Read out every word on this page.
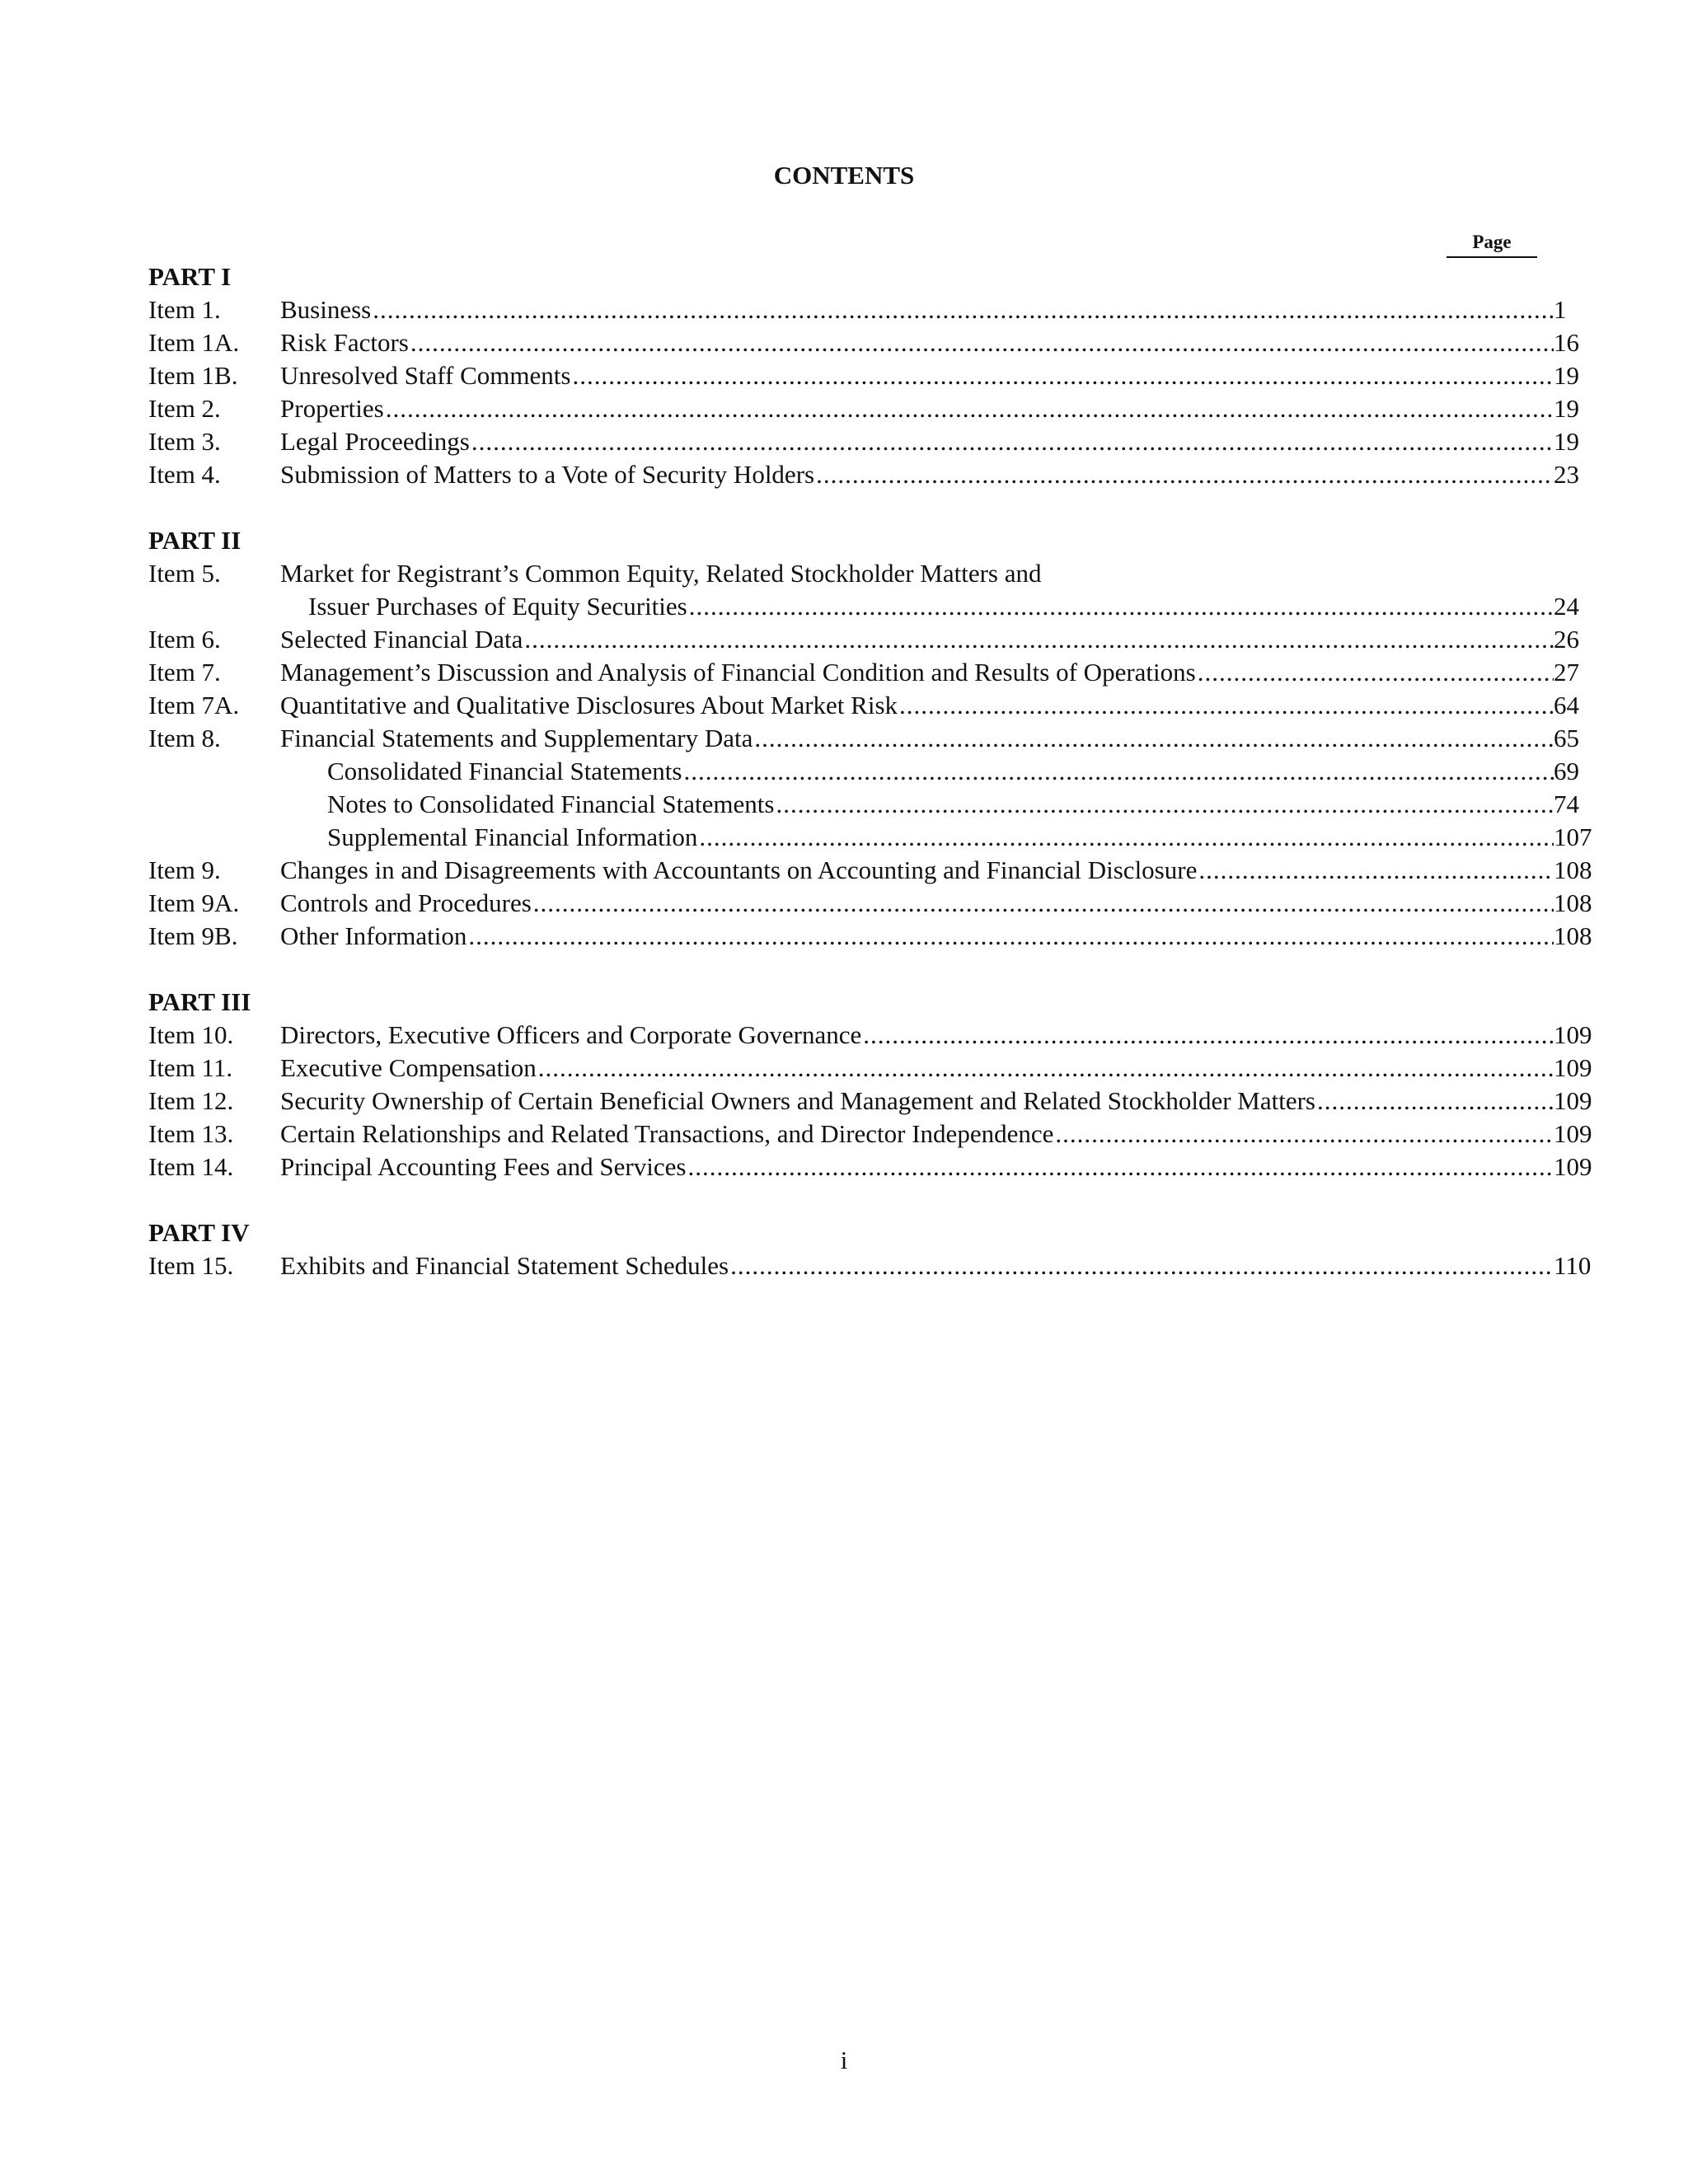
CONTENTS
Page
PART I
Item 1.	Business .....	1
Item 1A.	Risk Factors .....	16
Item 1B.	Unresolved Staff Comments .....	19
Item 2.	Properties .....	19
Item 3.	Legal Proceedings .....	19
Item 4.	Submission of Matters to a Vote of Security Holders .....	23
PART II
Item 5.	Market for Registrant’s Common Equity, Related Stockholder Matters and
Issuer Purchases of Equity Securities .....	24
Item 6.	Selected Financial Data .....	26
Item 7.	Management’s Discussion and Analysis of Financial Condition and Results of Operations .....	27
Item 7A.	Quantitative and Qualitative Disclosures About Market Risk .....	64
Item 8.	Financial Statements and Supplementary Data .....	65
Consolidated Financial Statements .....	69
Notes to Consolidated Financial Statements .....	74
Supplemental Financial Information .....	107
Item 9.	Changes in and Disagreements with Accountants on Accounting and Financial Disclosure .....	108
Item 9A.	Controls and Procedures .....	108
Item 9B.	Other Information .....	108
PART III
Item 10.	Directors, Executive Officers and Corporate Governance .....	109
Item 11.	Executive Compensation .....	109
Item 12.	Security Ownership of Certain Beneficial Owners and Management and Related Stockholder Matters .....	109
Item 13.	Certain Relationships and Related Transactions, and Director Independence .....	109
Item 14.	Principal Accounting Fees and Services .....	109
PART IV
Item 15.	Exhibits and Financial Statement Schedules .....	110
i
